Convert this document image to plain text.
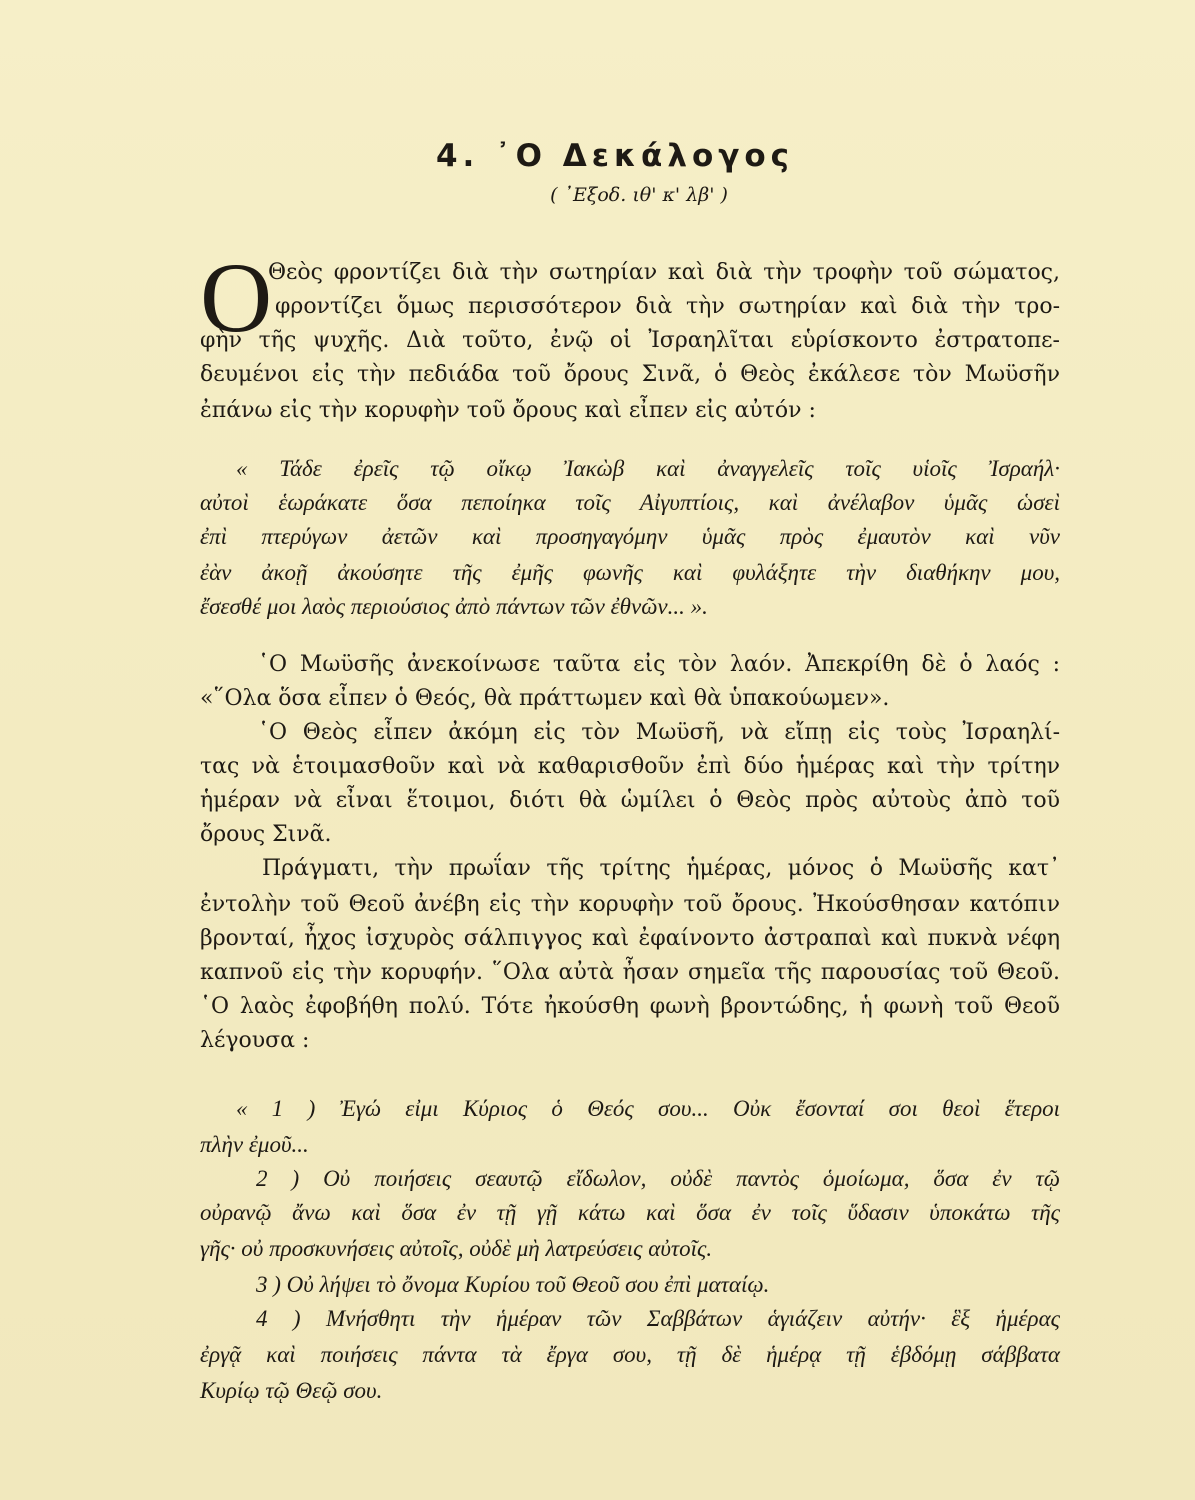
4. ᾿Ο Δεκάλογος
( ᾿Εξοδ. ιθ' κ' λβ' )
Ο
Θεὸς φροντίζει διὰ τὴν σωτηρίαν καὶ διὰ τὴν τροφὴν τοῦ σώματος,
φροντίζει ὅμως περισσότερον διὰ τὴν σωτηρίαν καὶ διὰ τὴν τρο-
φὴν τῆς ψυχῆς. Διὰ τοῦτο, ἐνῷ οἱ Ἰσραηλῖται εὑρίσκοντο ἐστρατοπε-
δευμένοι εἰς τὴν πεδιάδα τοῦ ὄρους Σινᾶ, ὁ Θεὸς ἐκάλεσε τὸν Μωϋσῆν
ἐπάνω εἰς τὴν κορυφὴν τοῦ ὄρους καὶ εἶπεν εἰς αὐτόν :
« Τάδε ἐρεῖς τῷ οἴκῳ Ἰακὼβ καὶ ἀναγγελεῖς τοῖς υἱοῖς Ἰσραήλ·
αὐτοὶ ἑωράκατε ὅσα πεποίηκα τοῖς Αἰγυπτίοις, καὶ ἀνέλαβον ὑμᾶς ὡσεὶ
ἐπὶ πτερύγων ἀετῶν καὶ προσηγαγόμην ὑμᾶς πρὸς ἐμαυτὸν καὶ νῦν
ἐὰν ἀκοῇ ἀκούσητε τῆς ἐμῆς φωνῆς καὶ φυλάξητε τὴν διαθήκην μου,
ἔσεσθέ μοι λαὸς περιούσιος ἀπὸ πάντων τῶν ἐθνῶν... ».
῾Ο Μωϋσῆς ἀνεκοίνωσε ταῦτα εἰς τὸν λαόν. Ἀπεκρίθη δὲ ὁ λαός :
«῞Ολα ὅσα εἶπεν ὁ Θεός, θὰ πράττωμεν καὶ θὰ ὑπακούωμεν».
῾Ο Θεὸς εἶπεν ἀκόμη εἰς τὸν Μωϋσῆ, νὰ εἴπῃ εἰς τοὺς Ἰσραηλί-
τας νὰ ἑτοιμασθοῦν καὶ νὰ καθαρισθοῦν ἐπὶ δύο ἡμέρας καὶ τὴν τρίτην
ἡμέραν νὰ εἶναι ἕτοιμοι, διότι θὰ ὡμίλει ὁ Θεὸς πρὸς αὐτοὺς ἀπὸ τοῦ
ὄρους Σινᾶ.
Πράγματι, τὴν πρωΐαν τῆς τρίτης ἡμέρας, μόνος ὁ Μωϋσῆς κατ᾿
ἐντολὴν τοῦ Θεοῦ ἀνέβη εἰς τὴν κορυφὴν τοῦ ὄρους. Ἠκούσθησαν κατόπιν
βρονταί, ἦχος ἰσχυρὸς σάλπιγγος καὶ ἐφαίνοντο ἀστραπαὶ καὶ πυκνὰ νέφη
καπνοῦ εἰς τὴν κορυφήν. ῞Ολα αὐτὰ ἦσαν σημεῖα τῆς παρουσίας τοῦ Θεοῦ.
῾Ο λαὸς ἐφοβήθη πολύ. Τότε ἠκούσθη φωνὴ βροντώδης, ἡ φωνὴ τοῦ Θεοῦ
λέγουσα :
« 1 ) Ἐγώ εἰμι Κύριος ὁ Θεός σου... Οὐκ ἔσονταί σοι θεοὶ ἕτεροι
πλὴν ἐμοῦ...
2 ) Οὐ ποιήσεις σεαυτῷ εἴδωλον, οὐδὲ παντὸς ὁμοίωμα, ὅσα ἐν τῷ
οὐρανῷ ἄνω καὶ ὅσα ἐν τῇ γῇ κάτω καὶ ὅσα ἐν τοῖς ὕδασιν ὑποκάτω τῆς
γῆς· οὐ προσκυνήσεις αὐτοῖς, οὐδὲ μὴ λατρεύσεις αὐτοῖς.
3 ) Οὐ λήψει τὸ ὄνομα Κυρίου τοῦ Θεοῦ σου ἐπὶ ματαίῳ.
4 ) Μνήσθητι τὴν ἡμέραν τῶν Σαββάτων ἁγιάζειν αὐτήν· ἓξ ἡμέρας
ἐργᾷ καὶ ποιήσεις πάντα τὰ ἔργα σου, τῇ δὲ ἡμέρᾳ τῇ ἑβδόμῃ σάββατα
Κυρίῳ τῷ Θεῷ σου.
